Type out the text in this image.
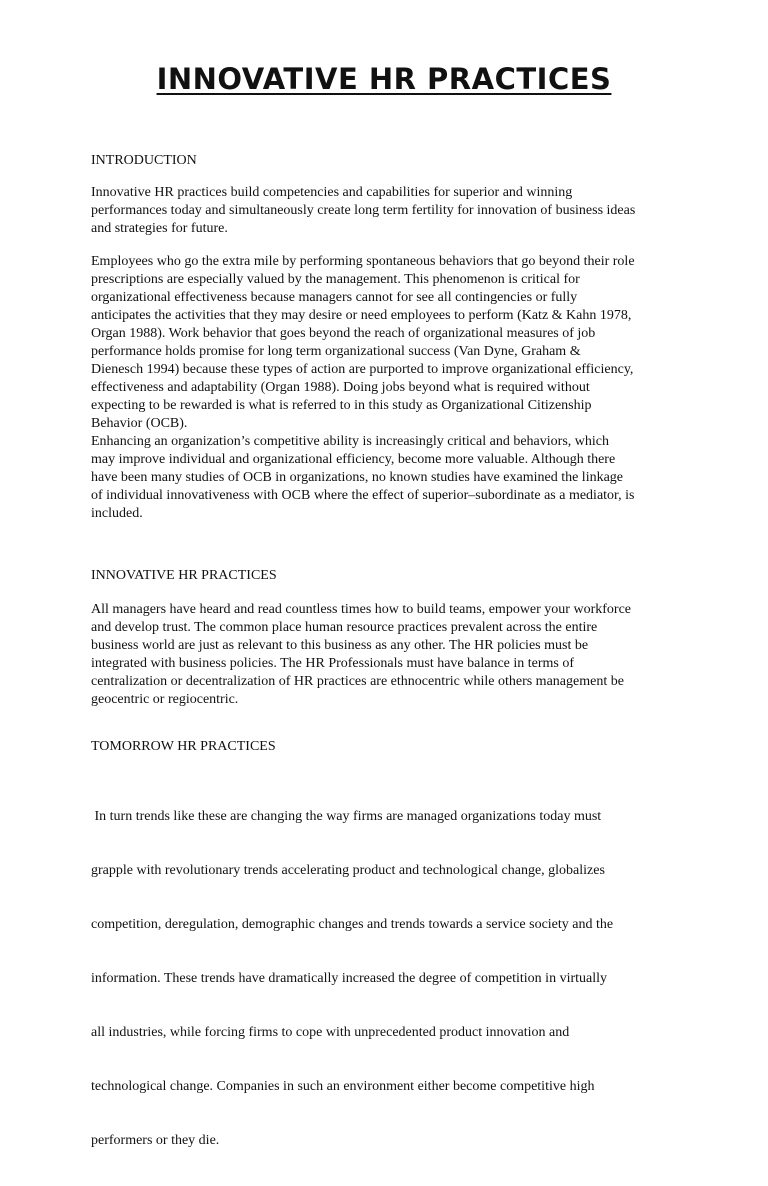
INNOVATIVE HR PRACTICES
INTRODUCTION
Innovative HR practices build competencies and capabilities for superior and winning
performances today and simultaneously create long term fertility for innovation of business ideas
and strategies for future.
Employees who go the extra mile by performing spontaneous behaviors that go beyond their role
prescriptions are especially valued by the management. This phenomenon is critical for
organizational effectiveness because managers cannot for see all contingencies or fully
anticipates the activities that they may desire or need employees to perform (Katz & Kahn 1978,
Organ 1988). Work behavior that goes beyond the reach of organizational measures of job
performance holds promise for long term organizational success (Van Dyne, Graham &
Dienesch 1994) because these types of action are purported to improve organizational efficiency,
effectiveness and adaptability (Organ 1988). Doing jobs beyond what is required without
expecting to be rewarded is what is referred to in this study as Organizational Citizenship
Behavior (OCB).
Enhancing an organization’s competitive ability is increasingly critical and behaviors, which
may improve individual and organizational efficiency, become more valuable. Although there
have been many studies of OCB in organizations, no known studies have examined the linkage
of individual innovativeness with OCB where the effect of superior–subordinate as a mediator, is
included.
INNOVATIVE HR PRACTICES
All managers have heard and read countless times how to build teams, empower your workforce
and develop trust. The common place human resource practices prevalent across the entire
business world are just as relevant to this business as any other. The HR policies must be
integrated with business policies. The HR Professionals must have balance in terms of
centralization or decentralization of HR practices are ethnocentric while others management be
geocentric or regiocentric.
TOMORROW HR PRACTICES

In turn trends like these are changing the way firms are managed organizations today must

grapple with revolutionary trends accelerating product and technological change, globalizes

competition, deregulation, demographic changes and trends towards a service society and the

information. These trends have dramatically increased the degree of competition in virtually

all industries, while forcing firms to cope with unprecedented product innovation and

technological change. Companies in such an environment either become competitive high

performers or they die.
